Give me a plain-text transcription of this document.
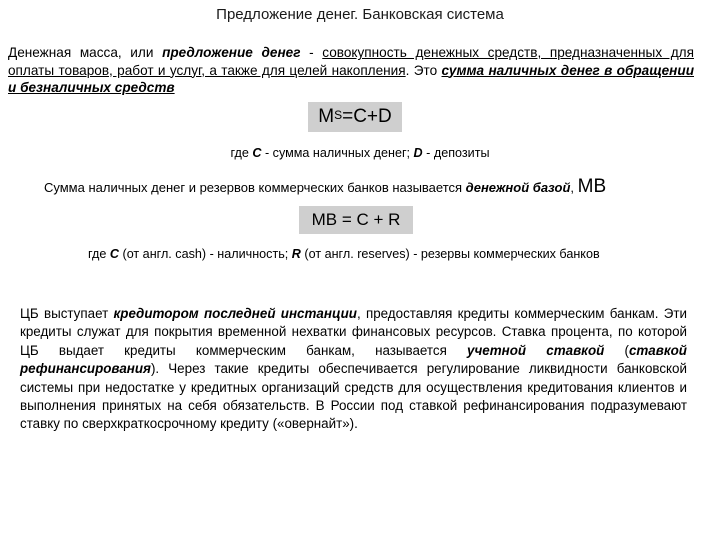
Предложение денег. Банковская система
Денежная масса, или предложение денег - совокупность денежных средств, предназначенных для оплаты товаров, работ и услуг, а также для целей накопления. Это сумма наличных денег в обращении и безналичных средств
$M^S=C+D$
где C - сумма наличных денег; D - депозиты
Сумма наличных денег и резервов коммерческих банков называется денежной базой, МВ
MB = C + R
где C (от англ. cash) - наличность; R (от англ. reserves) - резервы коммерческих банков
ЦБ выступает кредитором последней инстанции, предоставляя кредиты коммерческим банкам. Эти кредиты служат для покрытия временной нехватки финансовых ресурсов. Ставка процента, по которой ЦБ выдает кредиты коммерческим банкам, называется учетной ставкой (ставкой рефинансирования). Через такие кредиты обеспечивается регулирование ликвидности банковской системы при недостатке у кредитных организаций средств для осуществления кредитования клиентов и выполнения принятых на себя обязательств. В России под ставкой рефинансирования подразумевают ставку по сверхкраткосрочному кредиту («овернайт»).
